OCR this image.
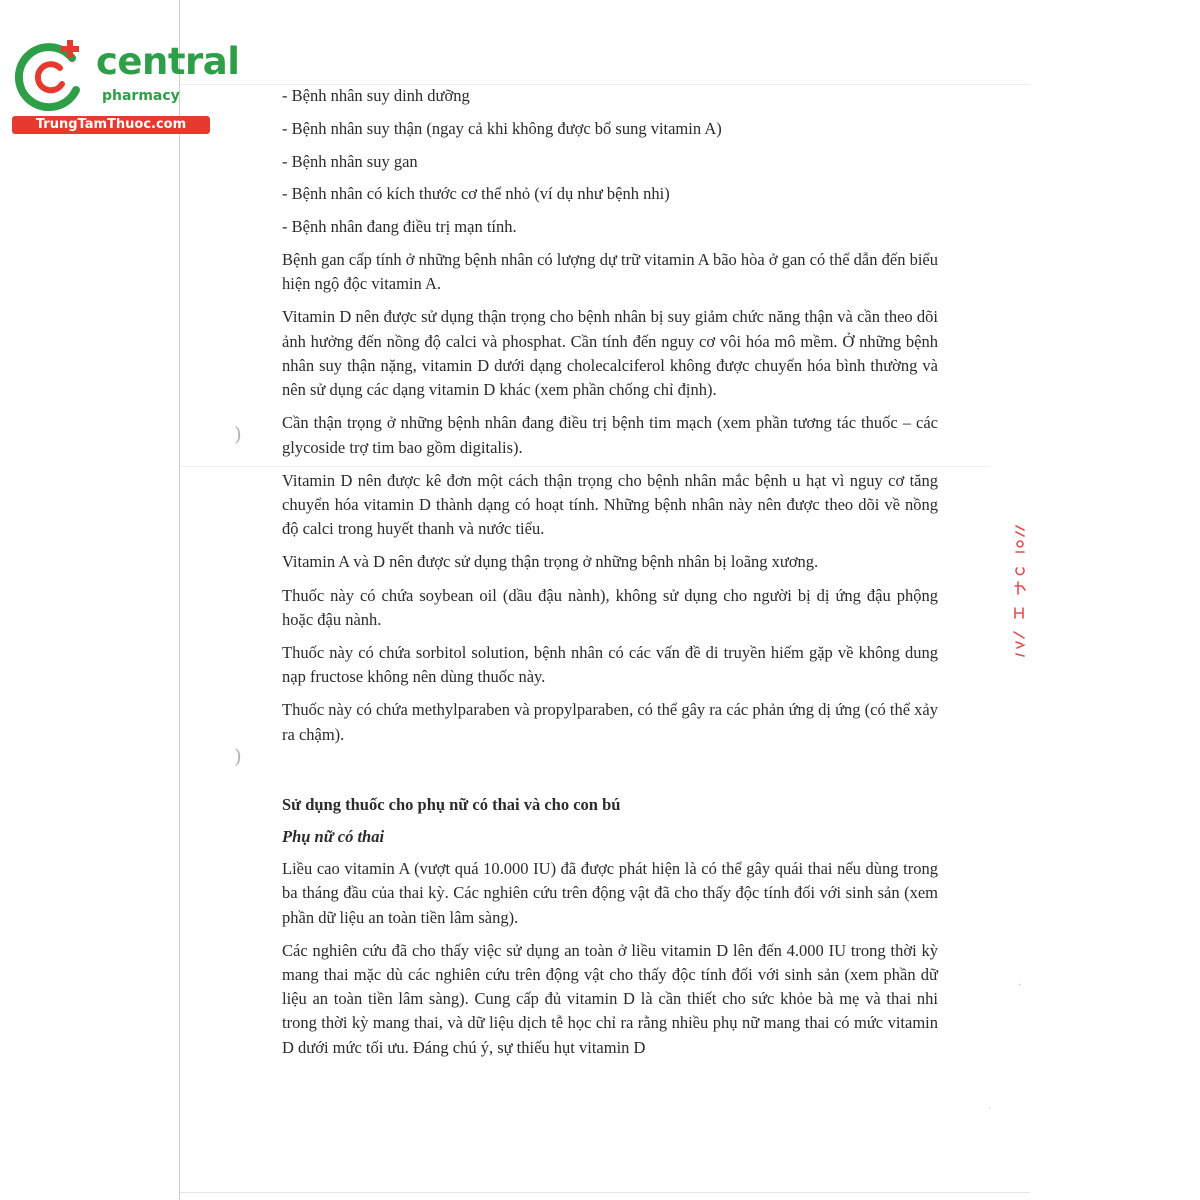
)
)
·
·
central
pharmacy
TrungTamThuoc.com
- Bệnh nhân suy dinh dưỡng
- Bệnh nhân suy thận (ngay cả khi không được bổ sung vitamin A)
- Bệnh nhân suy gan
- Bệnh nhân có kích thước cơ thể nhỏ (ví dụ như bệnh nhi)
- Bệnh nhân đang điều trị mạn tính.
Bệnh gan cấp tính ở những bệnh nhân có lượng dự trữ vitamin A bão hòa ở gan có thể dẫn đến biểu hiện ngộ độc vitamin A.
Vitamin D nên được sử dụng thận trọng cho bệnh nhân bị suy giảm chức năng thận và cần theo dõi ảnh hưởng đến nồng độ calci và phosphat. Cần tính đến nguy cơ vôi hóa mô mềm. Ở những bệnh nhân suy thận nặng, vitamin D dưới dạng cholecalciferol không được chuyển hóa bình thường và nên sử dụng các dạng vitamin D khác (xem phần chống chỉ định).
Cần thận trọng ở những bệnh nhân đang điều trị bệnh tim mạch (xem phần tương tác thuốc – các glycoside trợ tim bao gồm digitalis).
Vitamin D nên được kê đơn một cách thận trọng cho bệnh nhân mắc bệnh u hạt vì nguy cơ tăng chuyển hóa vitamin D thành dạng có hoạt tính. Những bệnh nhân này nên được theo dõi về nồng độ calci trong huyết thanh và nước tiểu.
Vitamin A và D nên được sử dụng thận trọng ở những bệnh nhân bị loãng xương.
Thuốc này có chứa soybean oil (dầu đậu nành), không sử dụng cho người bị dị ứng đậu phộng hoặc đậu nành.
Thuốc này có chứa sorbitol solution, bệnh nhân có các vấn đề di truyền hiếm gặp về không dung nạp fructose không nên dùng thuốc này.
Thuốc này có chứa methylparaben và propylparaben, có thể gây ra các phản ứng dị ứng (có thể xảy ra chậm).
Sử dụng thuốc cho phụ nữ có thai và cho con bú
Phụ nữ có thai
Liều cao vitamin A (vượt quá 10.000 IU) đã được phát hiện là có thể gây quái thai nếu dùng trong ba tháng đầu của thai kỳ. Các nghiên cứu trên động vật đã cho thấy độc tính đối với sinh sản (xem phần dữ liệu an toàn tiền lâm sàng).
Các nghiên cứu đã cho thấy việc sử dụng an toàn ở liều vitamin D lên đến 4.000 IU trong thời kỳ mang thai mặc dù các nghiên cứu trên động vật cho thấy độc tính đối với sinh sản (xem phần dữ liệu an toàn tiền lâm sàng). Cung cấp đủ vitamin D là cần thiết cho sức khỏe bà mẹ và thai nhi trong thời kỳ mang thai, và dữ liệu dịch tễ học chỉ ra rằng nhiều phụ nữ mang thai có mức vitamin D dưới mức tối ưu. Đáng chú ý, sự thiếu hụt vitamin D
